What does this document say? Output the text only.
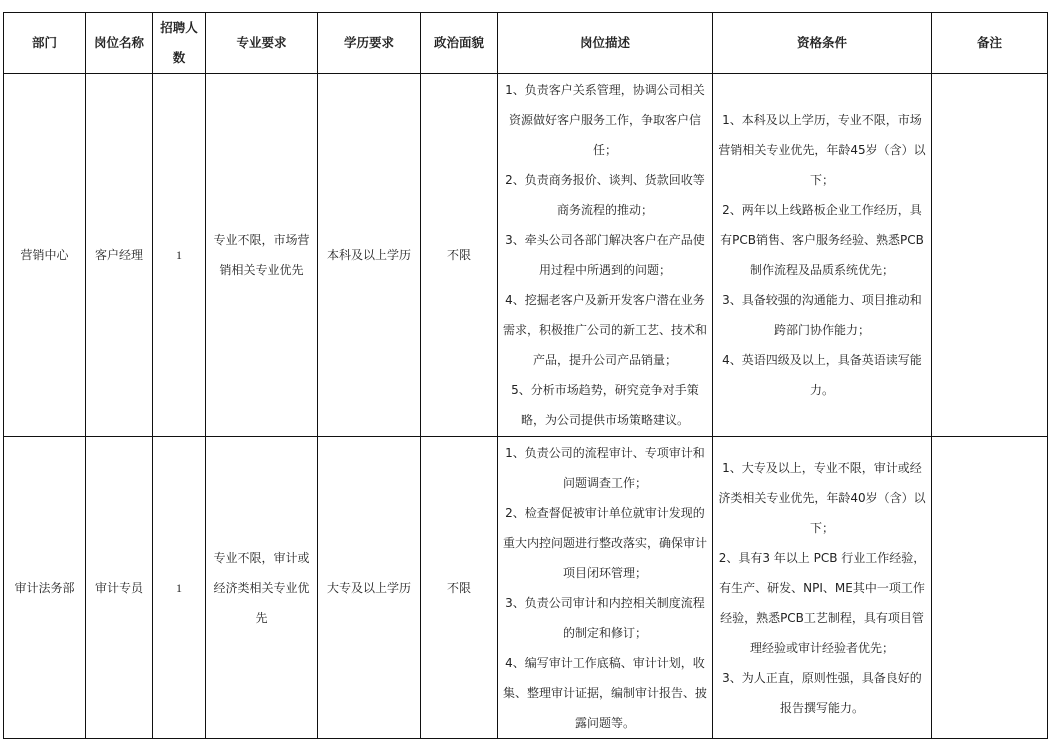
部门	岗位名称	招聘人数	专业要求	学历要求	政治面貌	岗位描述	资格条件	备注
营销中心	客户经理	1	专业不限，市场营销相关专业优先	本科及以上学历	不限	1、负责客户关系管理，协调公司相关资源做好客户服务工作，争取客户信任；
2、负责商务报价、谈判、货款回收等商务流程的推动；
3、牵头公司各部门解决客户在产品使用过程中所遇到的问题；
4、挖掘老客户及新开发客户潜在业务需求，积极推广公司的新工艺、技术和产品，提升公司产品销量；
5、分析市场趋势，研究竞争对手策略，为公司提供市场策略建议。	1、本科及以上学历，专业不限，市场营销相关专业优先，年龄45岁（含）以下；
2、两年以上线路板企业工作经历，具有PCB销售、客户服务经验、熟悉PCB制作流程及品质系统优先；
3、具备较强的沟通能力、项目推动和跨部门协作能力；
4、英语四级及以上，具备英语读写能力。	

审计法务部	审计专员	1	专业不限，审计或经济类相关专业优先	大专及以上学历	不限	1、负责公司的流程审计、专项审计和问题调查工作；
2、检查督促被审计单位就审计发现的重大内控问题进行整改落实，确保审计项目闭环管理；
3、负责公司审计和内控相关制度流程的制定和修订；
4、编写审计工作底稿、审计计划，收集、整理审计证据，编制审计报告、披露问题等。	1、大专及以上，专业不限，审计或经济类相关专业优先，年龄40岁（含）以下；
2、具有3 年以上 PCB 行业工作经验，有生产、研发、NPI、ME其中一项工作经验，熟悉PCB工艺制程，具有项目管理经验或审计经验者优先；
3、为人正直，原则性强，具备良好的报告撰写能力。	
